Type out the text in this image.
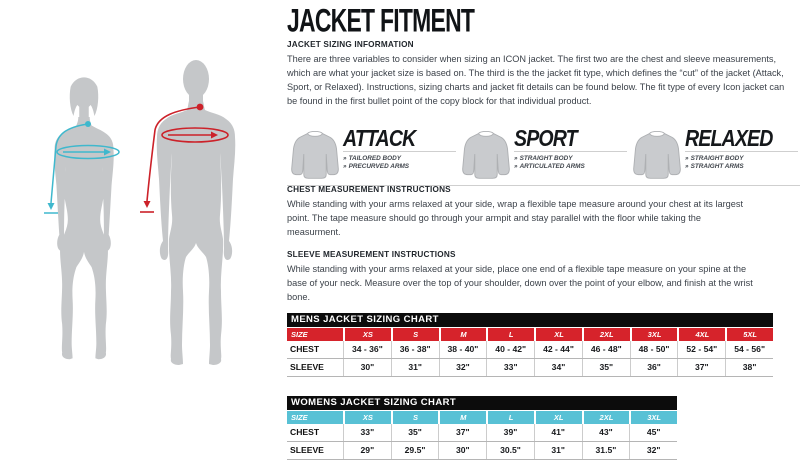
JACKET FITMENT
JACKET SIZING INFORMATION

There are three variables to consider when sizing an ICON jacket. The first two are the chest and sleeve measurements, which are what your jacket size is based on. The third is the the jacket fit type, which defines the “cut” of the jacket (Attack, Sport, or Relaxed). Instructions, sizing charts and jacket fit details can be found below. The fit type of every Icon jacket can be found in the first bullet point of the copy block for that individual product.

ATTACK
» TAILORED BODY
» PRECURVED ARMS
SPORT
» STRAIGHT BODY
» ARTICULATED ARMS
RELAXED
» STRAIGHT BODY
» STRAIGHT ARMS
CHEST MEASUREMENT INSTRUCTIONS

While standing with your arms relaxed at your side, wrap a flexible tape measure around your chest at its largest point. The tape measure should go through your armpit and stay parallel with the floor while taking the measurment.

SLEEVE MEASUREMENT INSTRUCTIONS

While standing with your arms relaxed at your side, place one end of a flexible tape measure on your spine at the base of your neck. Measure over the top of your shoulder, down over the point of your elbow, and finish at the wrist bone.

MENS JACKET SIZING CHART
SIZE	XS	S	M	L	XL	2XL	3XL	4XL	5XL
CHEST	34 - 36"	36 - 38"	38 - 40"	40 - 42"	42 - 44"	46 - 48"	48 - 50"	52 - 54"	54 - 56"
SLEEVE	30"	31"	32"	33"	34"	35"	36"	37"	38"
WOMENS JACKET SIZING CHART
SIZE	XS	S	M	L	XL	2XL	3XL
CHEST	33"	35"	37"	39"	41"	43"	45"
SLEEVE	29"	29.5"	30"	30.5"	31"	31.5"	32"
